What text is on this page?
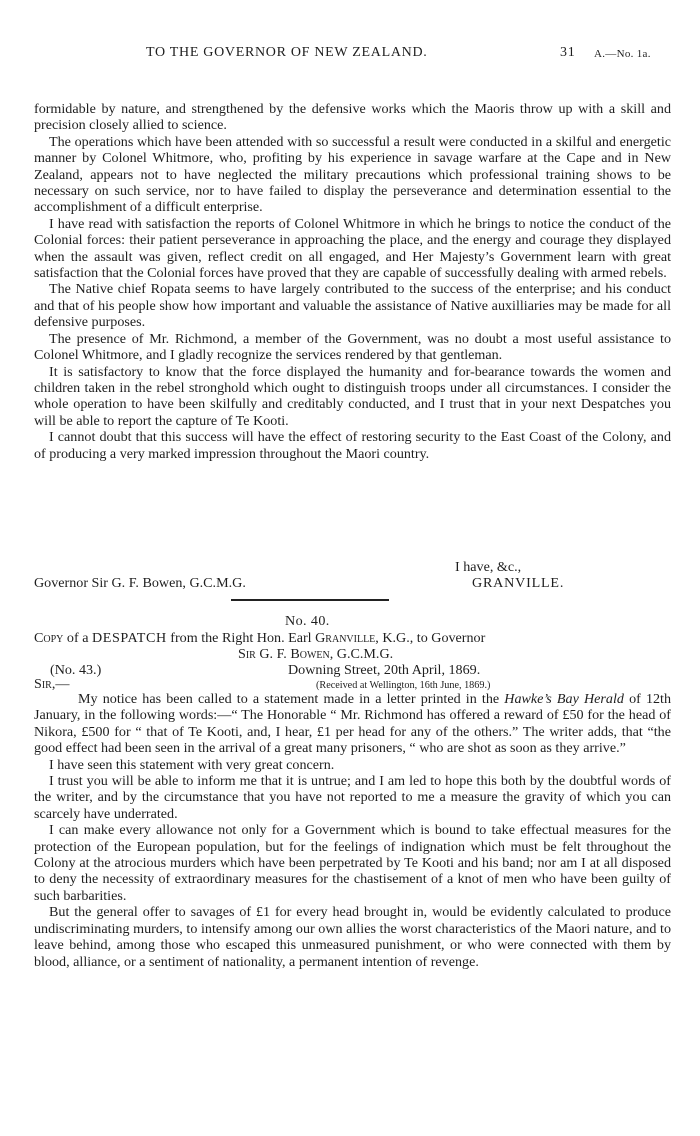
TO THE GOVERNOR OF NEW ZEALAND.	31 A.—No. 1a.

formidable by nature, and strengthened by the defensive works which the Maoris throw up with a skill and precision closely allied to science.

The operations which have been attended with so successful a result were conducted in a skilful and energetic manner by Colonel Whitmore, who, profiting by his experience in savage warfare at the Cape and in New Zealand, appears not to have neglected the military precautions which professional training shows to be necessary on such service, nor to have failed to display the perseverance and determination essential to the accomplishment of a difficult enterprise.

I have read with satisfaction the reports of Colonel Whitmore in which he brings to notice the conduct of the Colonial forces: their patient perseverance in approaching the place, and the energy and courage they displayed when the assault was given, reflect credit on all engaged, and Her Majesty’s Government learn with great satisfaction that the Colonial forces have proved that they are capable of successfully dealing with armed rebels.

The Native chief Ropata seems to have largely contributed to the success of the enterprise; and his conduct and that of his people show how important and valuable the assistance of Native auxilliaries may be made for all defensive purposes.

The presence of Mr. Richmond, a member of the Government, was no doubt a most useful assistance to Colonel Whitmore, and I gladly recognize the services rendered by that gentleman.

It is satisfactory to know that the force displayed the humanity and for-bearance towards the women and children taken in the rebel stronghold which ought to distinguish troops under all circumstances. I consider the whole operation to have been skilfully and creditably conducted, and I trust that in your next Despatches you will be able to report the capture of Te Kooti.

I cannot doubt that this success will have the effect of restoring security to the East Coast of the Colony, and of producing a very marked impression throughout the Maori country.

I have, &c.,
Governor Sir G. F. Bowen, G.C.M.G.	GRANVILLE.
No. 40.
Copy of a DESPATCH from the Right Hon. Earl Granville, K.G., to Governor
Sir G. F. Bowen, G.C.M.G.
(No. 43.)	Downing Street, 20th April, 1869.
Sir,—	(Received at Wellington, 16th June, 1869.)

My notice has been called to a statement made in a letter printed in the Hawke’s Bay Herald of 12th January, in the following words:—“ The Honorable “ Mr. Richmond has offered a reward of £50 for the head of Nikora, £500 for “ that of Te Kooti, and, I hear, £1 per head for any of the others.” The writer adds, that “the good effect had been seen in the arrival of a great many prisoners, “ who are shot as soon as they arrive.”

I have seen this statement with very great concern.

I trust you will be able to inform me that it is untrue; and I am led to hope this both by the doubtful words of the writer, and by the circumstance that you have not reported to me a measure the gravity of which you can scarcely have underrated.

I can make every allowance not only for a Government which is bound to take effectual measures for the protection of the European population, but for the feelings of indignation which must be felt throughout the Colony at the atrocious murders which have been perpetrated by Te Kooti and his band; nor am I at all disposed to deny the necessity of extraordinary measures for the chastisement of a knot of men who have been guilty of such barbarities.

But the general offer to savages of £1 for every head brought in, would be evidently calculated to produce undiscriminating murders, to intensify among our own allies the worst characteristics of the Maori nature, and to leave behind, among those who escaped this unmeasured punishment, or who were connected with them by blood, alliance, or a sentiment of nationality, a permanent intention of revenge.
